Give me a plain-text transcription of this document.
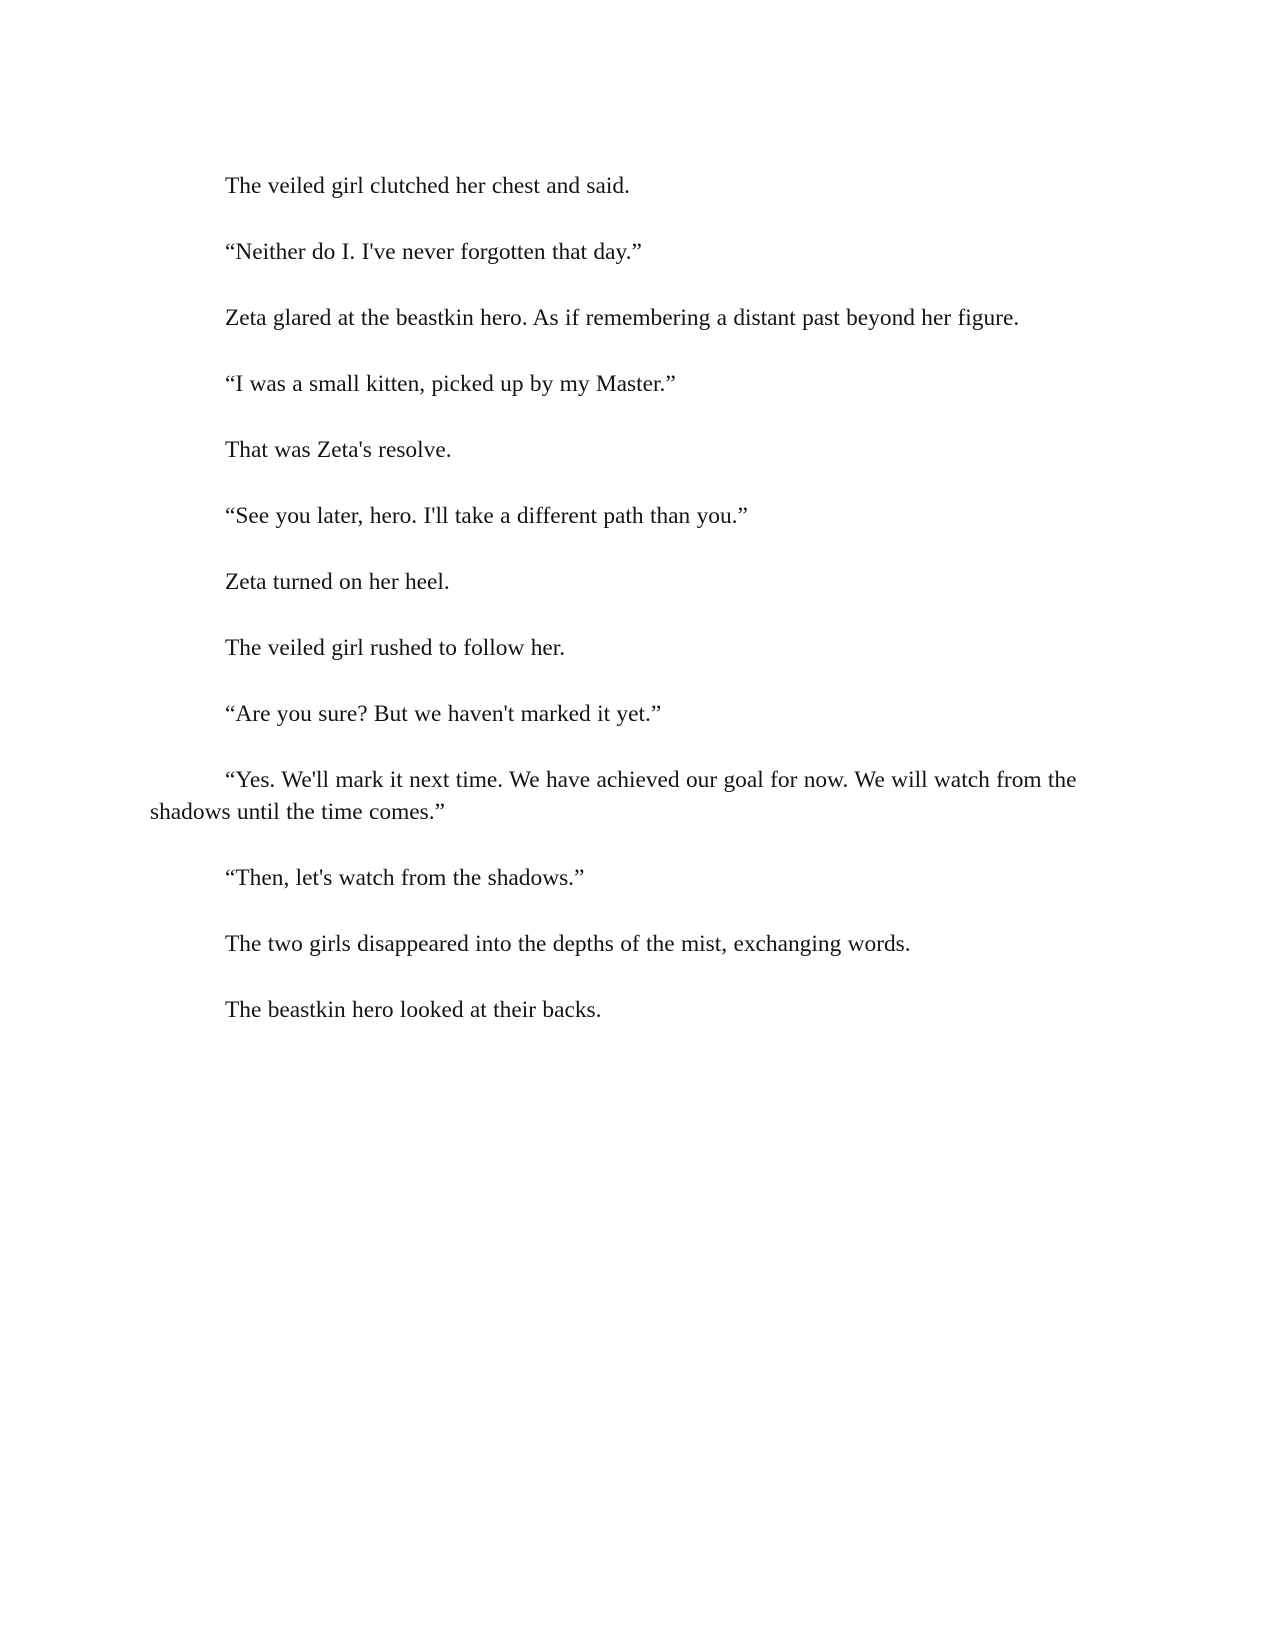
The veiled girl clutched her chest and said.

“Neither do I. I've never forgotten that day.”

Zeta glared at the beastkin hero. As if remembering a distant past beyond her figure.

“I was a small kitten, picked up by my Master.”

That was Zeta's resolve.

“See you later, hero. I'll take a different path than you.”

Zeta turned on her heel.

The veiled girl rushed to follow her.

“Are you sure? But we haven't marked it yet.”

“Yes. We'll mark it next time. We have achieved our goal for now. We will watch from the shadows until the time comes.”

“Then, let's watch from the shadows.”

The two girls disappeared into the depths of the mist, exchanging words.

The beastkin hero looked at their backs.
